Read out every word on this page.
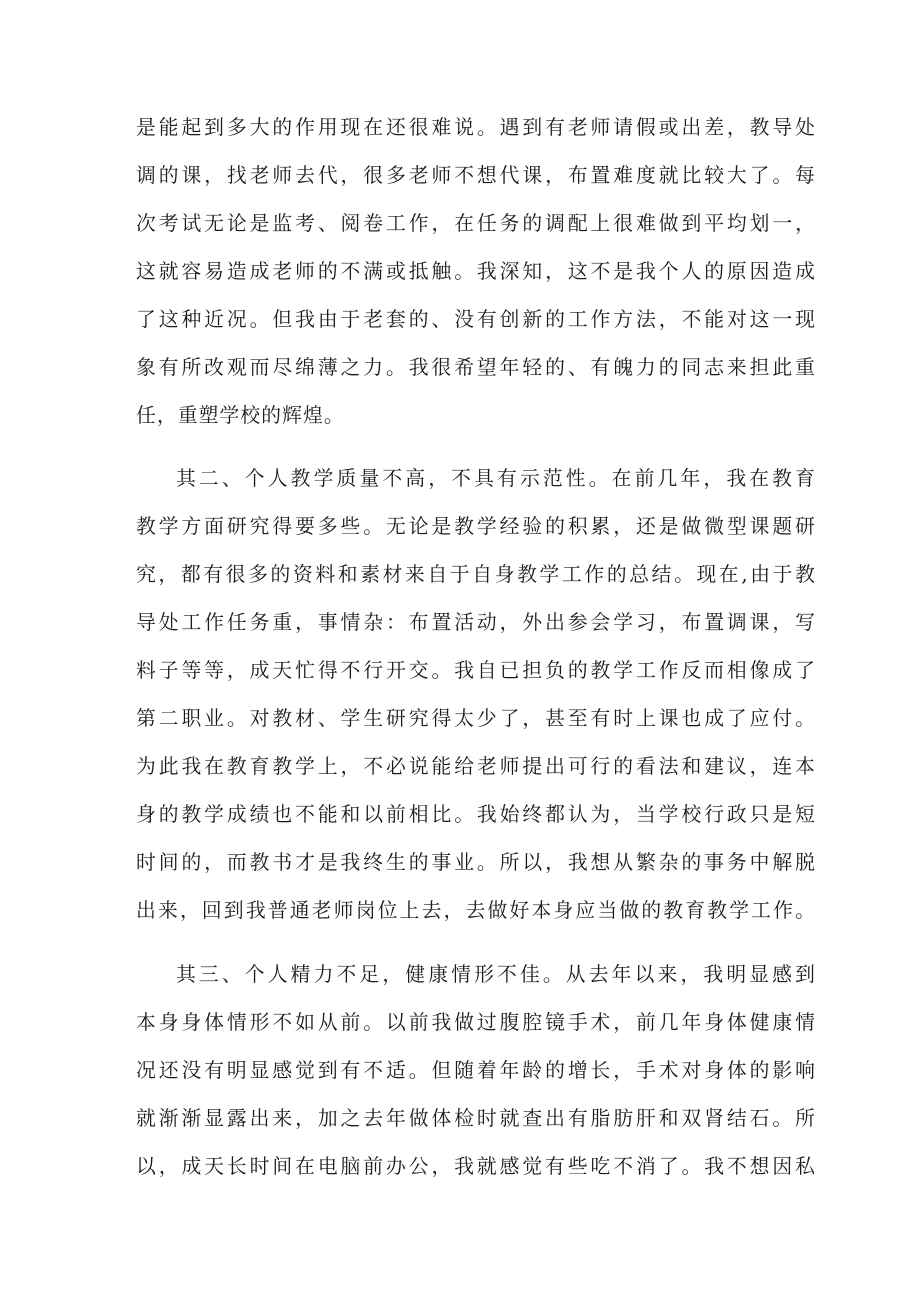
是能起到多大的作用现在还很难说。遇到有老师请假或出差，教导处
调的课，找老师去代，很多老师不想代课，布置难度就比较大了。每
次考试无论是监考、阅卷工作，在任务的调配上很难做到平均划一，
这就容易造成老师的不满或抵触。我深知，这不是我个人的原因造成
了这种近况。但我由于老套的、没有创新的工作方法，不能对这一现
象有所改观而尽绵薄之力。我很希望年轻的、有魄力的同志来担此重
任，重塑学校的辉煌。
其二、个人教学质量不高，不具有示范性。在前几年，我在教育
教学方面研究得要多些。无论是教学经验的积累，还是做微型课题研
究，都有很多的资料和素材来自于自身教学工作的总结。现在,由于教
导处工作任务重，事情杂：布置活动，外出参会学习，布置调课，写
料子等等，成天忙得不行开交。我自已担负的教学工作反而相像成了
第二职业。对教材、学生研究得太少了，甚至有时上课也成了应付。
为此我在教育教学上，不必说能给老师提出可行的看法和建议，连本
身的教学成绩也不能和以前相比。我始终都认为，当学校行政只是短
时间的，而教书才是我终生的事业。所以，我想从繁杂的事务中解脱
出来，回到我普通老师岗位上去，去做好本身应当做的教育教学工作。
其三、个人精力不足，健康情形不佳。从去年以来，我明显感到
本身身体情形不如从前。以前我做过腹腔镜手术，前几年身体健康情
况还没有明显感觉到有不适。但随着年龄的增长，手术对身体的影响
就渐渐显露出来，加之去年做体检时就查出有脂肪肝和双肾结石。所
以，成天长时间在电脑前办公，我就感觉有些吃不消了。我不想因私
